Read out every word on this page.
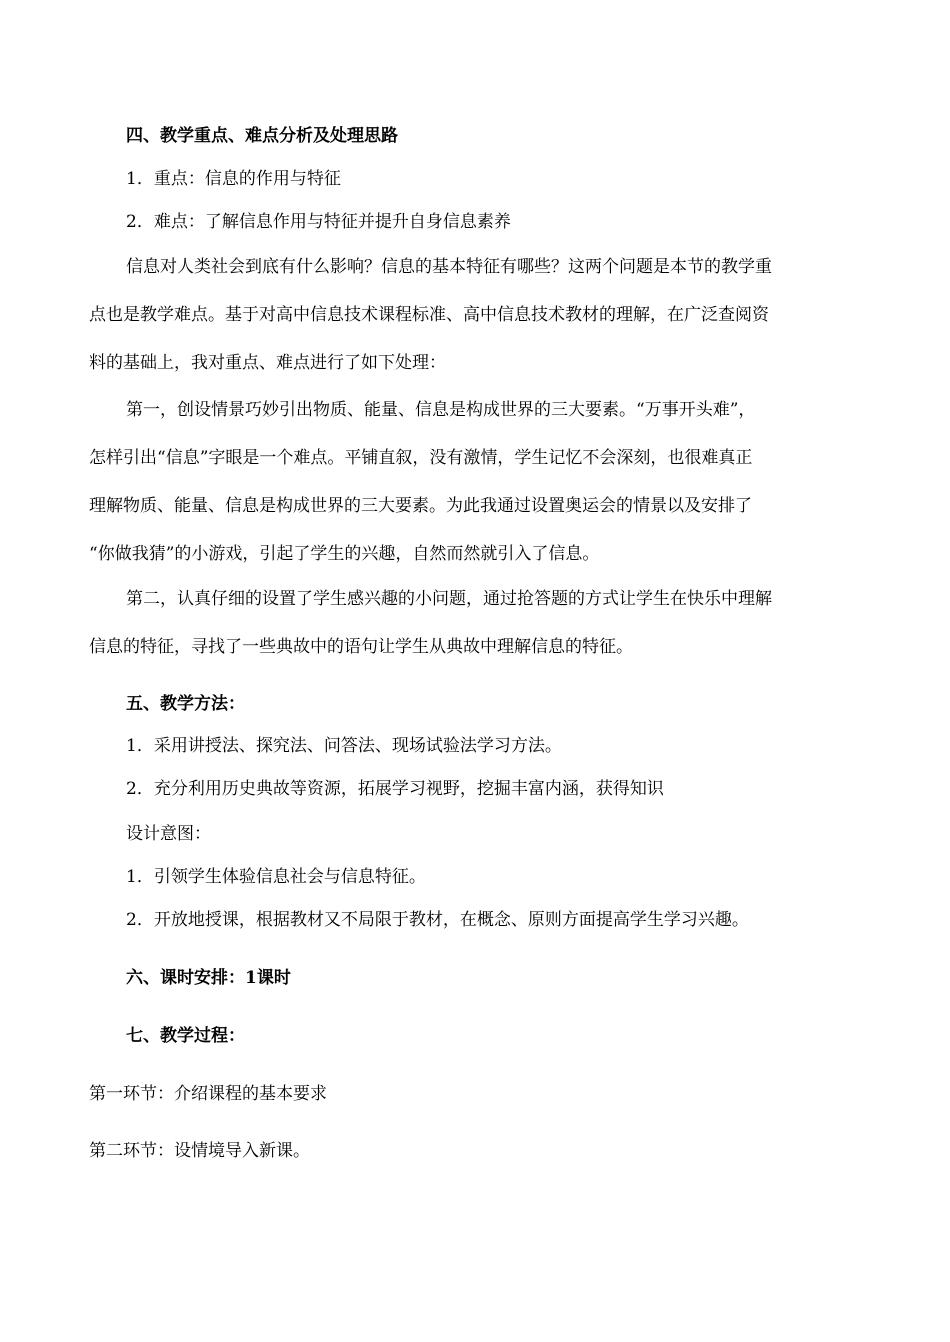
四、教学重点、难点分析及处理思路
1．重点：信息的作用与特征
2．难点：了解信息作用与特征并提升自身信息素养
信息对人类社会到底有什么影响？信息的基本特征有哪些？这两个问题是本节的教学重
点也是教学难点。基于对高中信息技术课程标准、高中信息技术教材的理解，在广泛查阅资
料的基础上，我对重点、难点进行了如下处理：
第一，创设情景巧妙引出物质、能量、信息是构成世界的三大要素。“万事开头难”，
怎样引出“信息”字眼是一个难点。平铺直叙，没有激情，学生记忆不会深刻，也很难真正
理解物质、能量、信息是构成世界的三大要素。为此我通过设置奥运会的情景以及安排了
“你做我猜”的小游戏，引起了学生的兴趣，自然而然就引入了信息。
第二，认真仔细的设置了学生感兴趣的小问题，通过抢答题的方式让学生在快乐中理解
信息的特征，寻找了一些典故中的语句让学生从典故中理解信息的特征。
五、教学方法：
1．采用讲授法、探究法、问答法、现场试验法学习方法。
2．充分利用历史典故等资源，拓展学习视野，挖掘丰富内涵，获得知识
设计意图：
1．引领学生体验信息社会与信息特征。
2．开放地授课，根据教材又不局限于教材，在概念、原则方面提高学生学习兴趣。
六、课时安排：1课时
七、教学过程：
第一环节：介绍课程的基本要求
第二环节：设情境导入新课。
